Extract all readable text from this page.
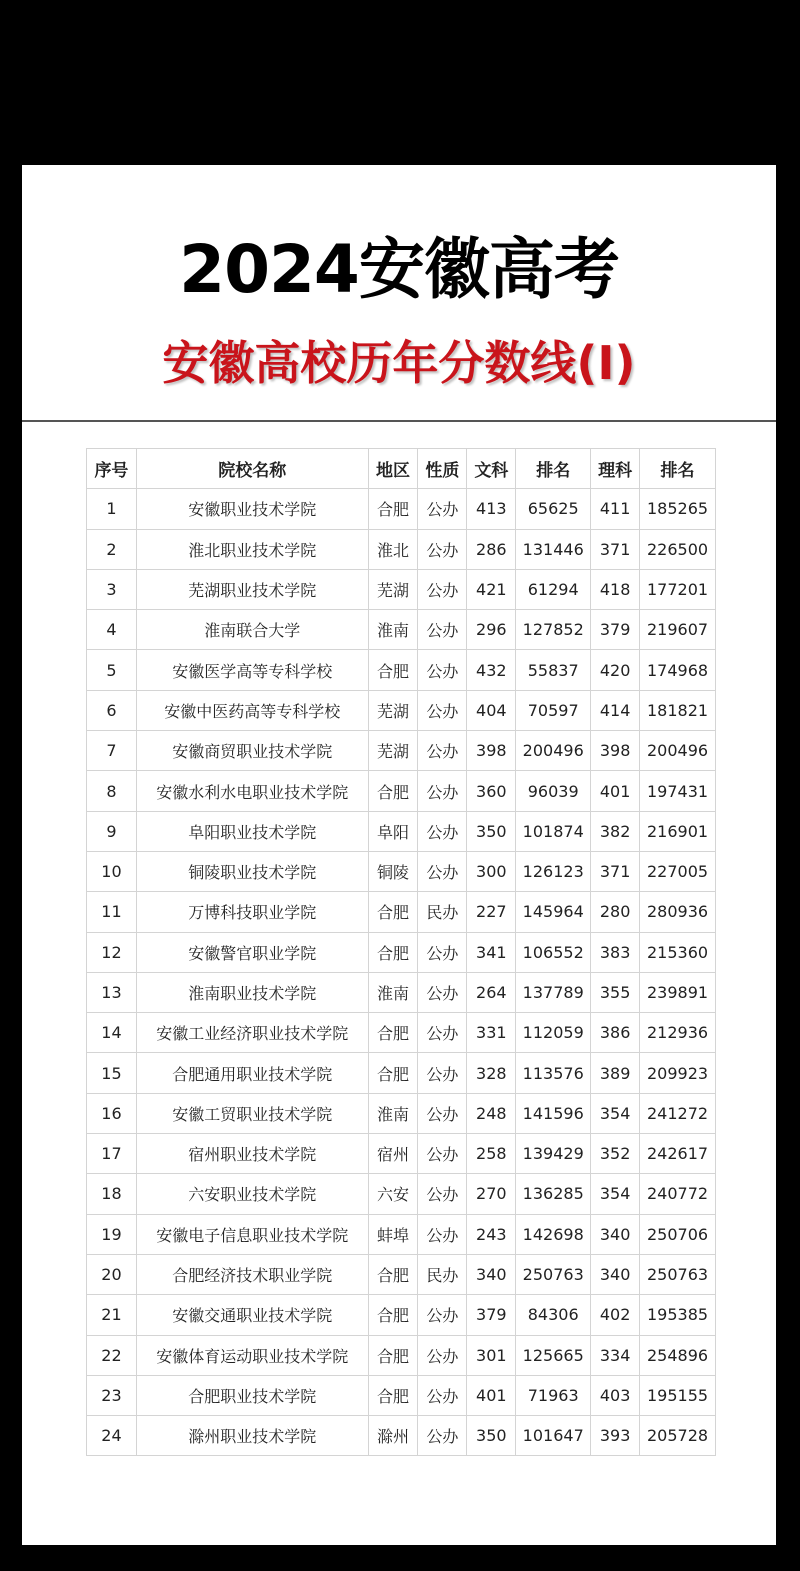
2024安徽高考
安徽高校历年分数线(I)
序号	院校名称	地区	性质	文科	排名	理科	排名
1	安徽职业技术学院	合肥	公办	413	65625	411	185265
2	淮北职业技术学院	淮北	公办	286	131446	371	226500
3	芜湖职业技术学院	芜湖	公办	421	61294	418	177201
4	淮南联合大学	淮南	公办	296	127852	379	219607
5	安徽医学高等专科学校	合肥	公办	432	55837	420	174968
6	安徽中医药高等专科学校	芜湖	公办	404	70597	414	181821
7	安徽商贸职业技术学院	芜湖	公办	398	200496	398	200496
8	安徽水利水电职业技术学院	合肥	公办	360	96039	401	197431
9	阜阳职业技术学院	阜阳	公办	350	101874	382	216901
10	铜陵职业技术学院	铜陵	公办	300	126123	371	227005
11	万博科技职业学院	合肥	民办	227	145964	280	280936
12	安徽警官职业学院	合肥	公办	341	106552	383	215360
13	淮南职业技术学院	淮南	公办	264	137789	355	239891
14	安徽工业经济职业技术学院	合肥	公办	331	112059	386	212936
15	合肥通用职业技术学院	合肥	公办	328	113576	389	209923
16	安徽工贸职业技术学院	淮南	公办	248	141596	354	241272
17	宿州职业技术学院	宿州	公办	258	139429	352	242617
18	六安职业技术学院	六安	公办	270	136285	354	240772
19	安徽电子信息职业技术学院	蚌埠	公办	243	142698	340	250706
20	合肥经济技术职业学院	合肥	民办	340	250763	340	250763
21	安徽交通职业技术学院	合肥	公办	379	84306	402	195385
22	安徽体育运动职业技术学院	合肥	公办	301	125665	334	254896
23	合肥职业技术学院	合肥	公办	401	71963	403	195155
24	滁州职业技术学院	滁州	公办	350	101647	393	205728
